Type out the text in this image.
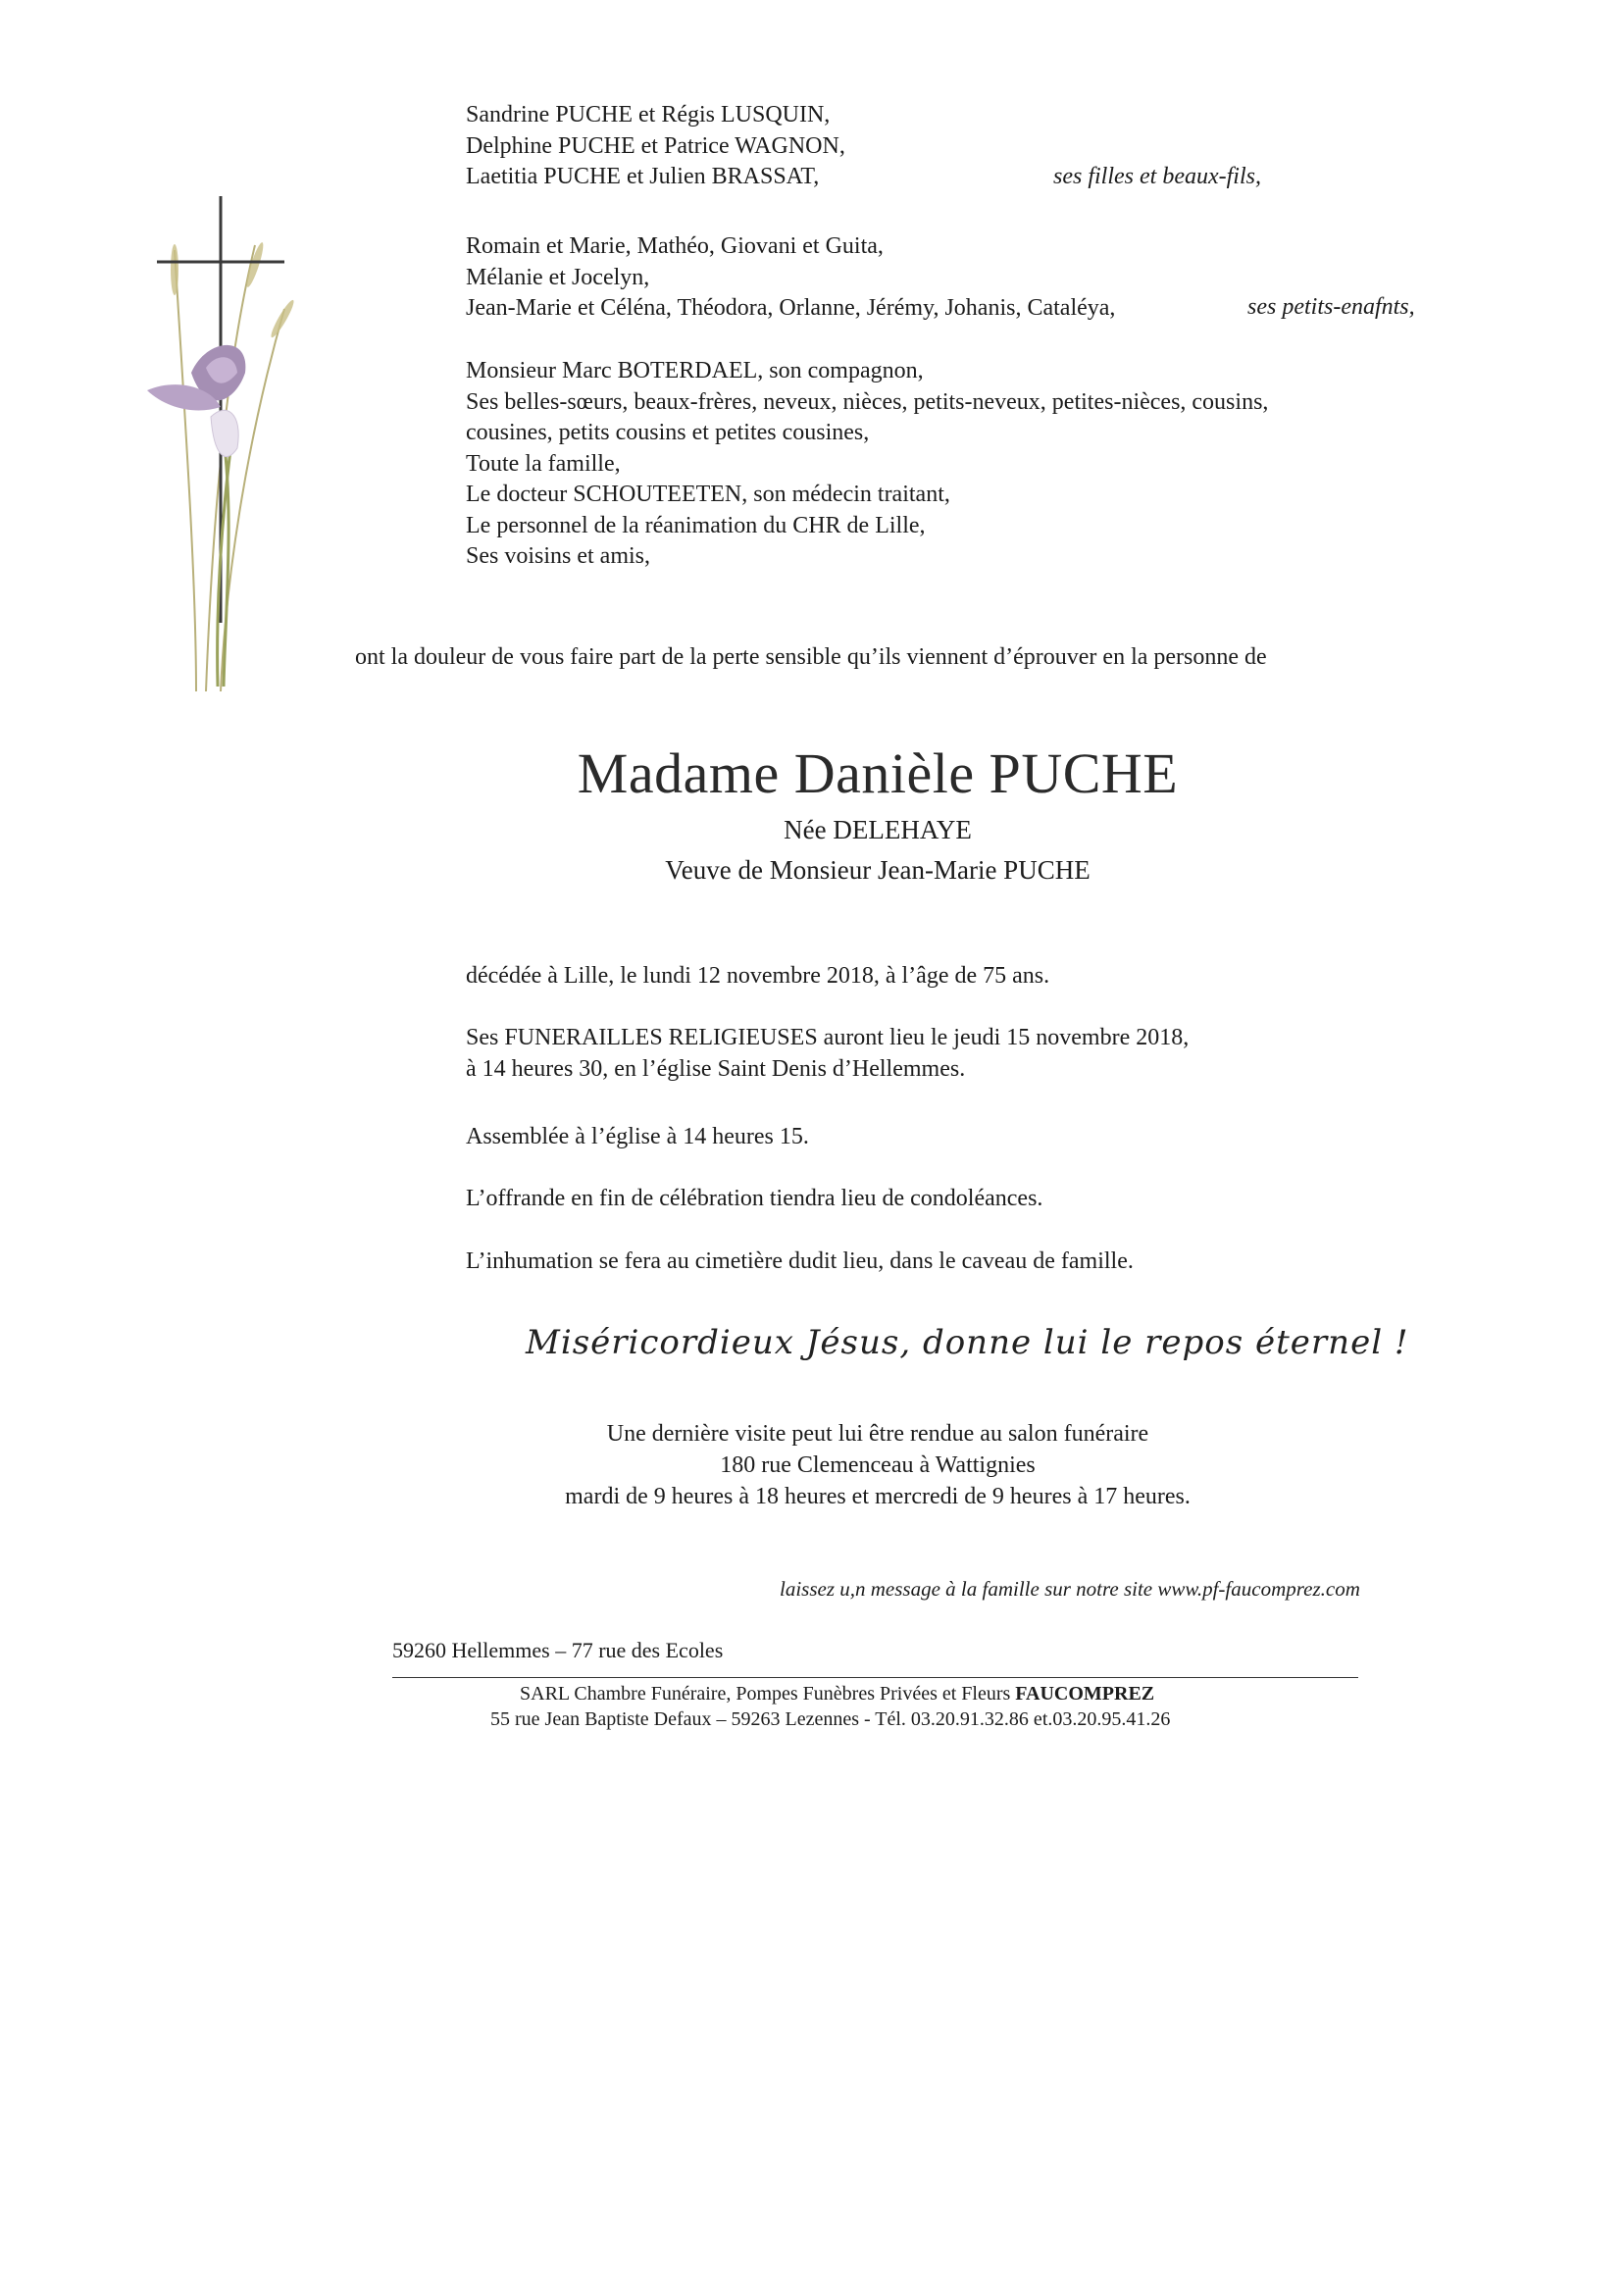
Sandrine PUCHE et Régis LUSQUIN,
Delphine PUCHE et Patrice WAGNON,
Laetitia PUCHE et Julien BRASSAT,	ses filles et beaux-fils,
Romain et Marie, Mathéo, Giovani et Guita,
Mélanie et Jocelyn,
Jean-Marie et Céléna, Théodora, Orlanne, Jérémy, Johanis, Cataléya,	ses petits-enafnts,
Monsieur Marc BOTERDAEL, son compagnon,
Ses belles-sœurs, beaux-frères, neveux, nièces, petits-neveux, petites-nièces, cousins,
cousines, petits cousins et petites cousines,
Toute la famille,
Le docteur SCHOUTEETEN, son médecin traitant,
Le personnel de la réanimation du CHR de Lille,
Ses voisins et amis,
ont la douleur de vous faire part de la perte sensible qu’ils viennent d’éprouver en la personne de
Madame Danièle PUCHE
Née DELEHAYE
Veuve de Monsieur Jean-Marie PUCHE
décédée à Lille, le lundi 12 novembre 2018, à l’âge de 75 ans.
Ses FUNERAILLES RELIGIEUSES auront lieu le jeudi 15 novembre 2018,
à 14 heures 30, en l’église Saint Denis d’Hellemmes.
Assemblée à l’église à 14 heures 15.
L’offrande en fin de célébration tiendra lieu de condoléances.
L’inhumation se fera au cimetière dudit lieu, dans le caveau de famille.
Miséricordieux Jésus, donne lui le repos éternel !
Une dernière visite peut lui être rendue au salon funéraire
180 rue Clemenceau à Wattignies
mardi de 9 heures à 18 heures et mercredi de 9 heures à 17 heures.
laissez u,n message à la famille sur notre site www.pf-faucomprez.com
59260 Hellemmes – 77 rue des Ecoles
SARL Chambre Funéraire, Pompes Funèbres Privées et Fleurs FAUCOMPREZ
55 rue Jean Baptiste Defaux – 59263 Lezennes - Tél. 03.20.91.32.86 et.03.20.95.41.26
